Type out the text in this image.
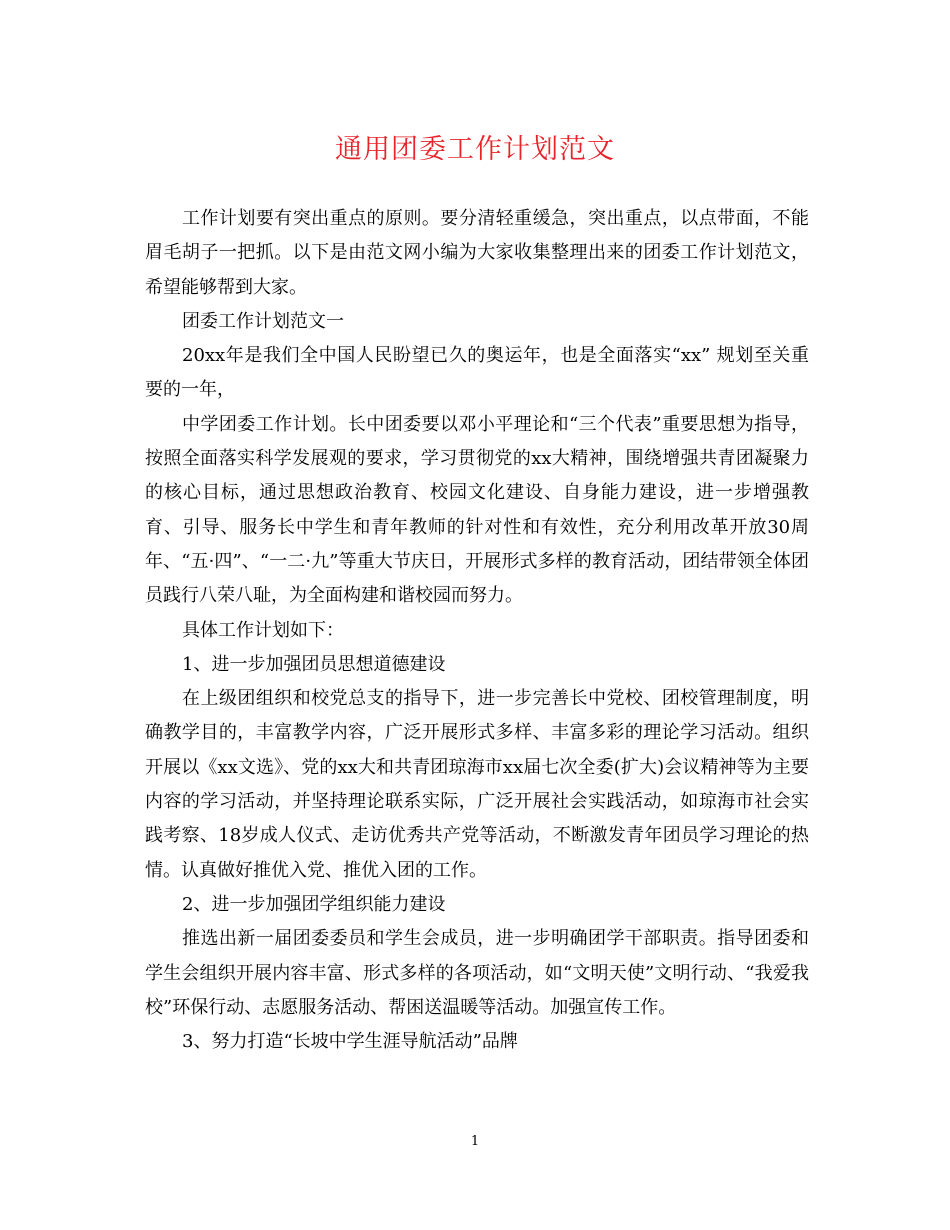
通用团委工作计划范文

工作计划要有突出重点的原则。要分清轻重缓急，突出重点，以点带面，不能眉毛胡子一把抓。以下是由范文网小编为大家收集整理出来的团委工作计划范文，希望能够帮到大家。

团委工作计划范文一

20xx年是我们全中国人民盼望已久的奥运年，也是全面落实“xx” 规划至关重要的一年，

中学团委工作计划。长中团委要以邓小平理论和“三个代表”重要思想为指导，按照全面落实科学发展观的要求，学习贯彻党的xx大精神，围绕增强共青团凝聚力的核心目标，通过思想政治教育、校园文化建设、自身能力建设，进一步增强教育、引导、服务长中学生和青年教师的针对性和有效性，充分利用改革开放30周年、“五·四”、“一二·九”等重大节庆日，开展形式多样的教育活动，团结带领全体团员践行八荣八耻，为全面构建和谐校园而努力。

具体工作计划如下：

1、进一步加强团员思想道德建设

在上级团组织和校党总支的指导下，进一步完善长中党校、团校管理制度，明确教学目的，丰富教学内容，广泛开展形式多样、丰富多彩的理论学习活动。组织开展以《xx文选》、党的xx大和共青团琼海市xx届七次全委(扩大)会议精神等为主要内容的学习活动，并坚持理论联系实际，广泛开展社会实践活动，如琼海市社会实践考察、18岁成人仪式、走访优秀共产党等活动，不断激发青年团员学习理论的热情。认真做好推优入党、推优入团的工作。

2、进一步加强团学组织能力建设

推选出新一届团委委员和学生会成员，进一步明确团学干部职责。指导团委和学生会组织开展内容丰富、形式多样的各项活动，如“文明天使”文明行动、“我爱我校”环保行动、志愿服务活动、帮困送温暖等活动。加强宣传工作。

3、努力打造“长坡中学生涯导航活动”品牌

1
